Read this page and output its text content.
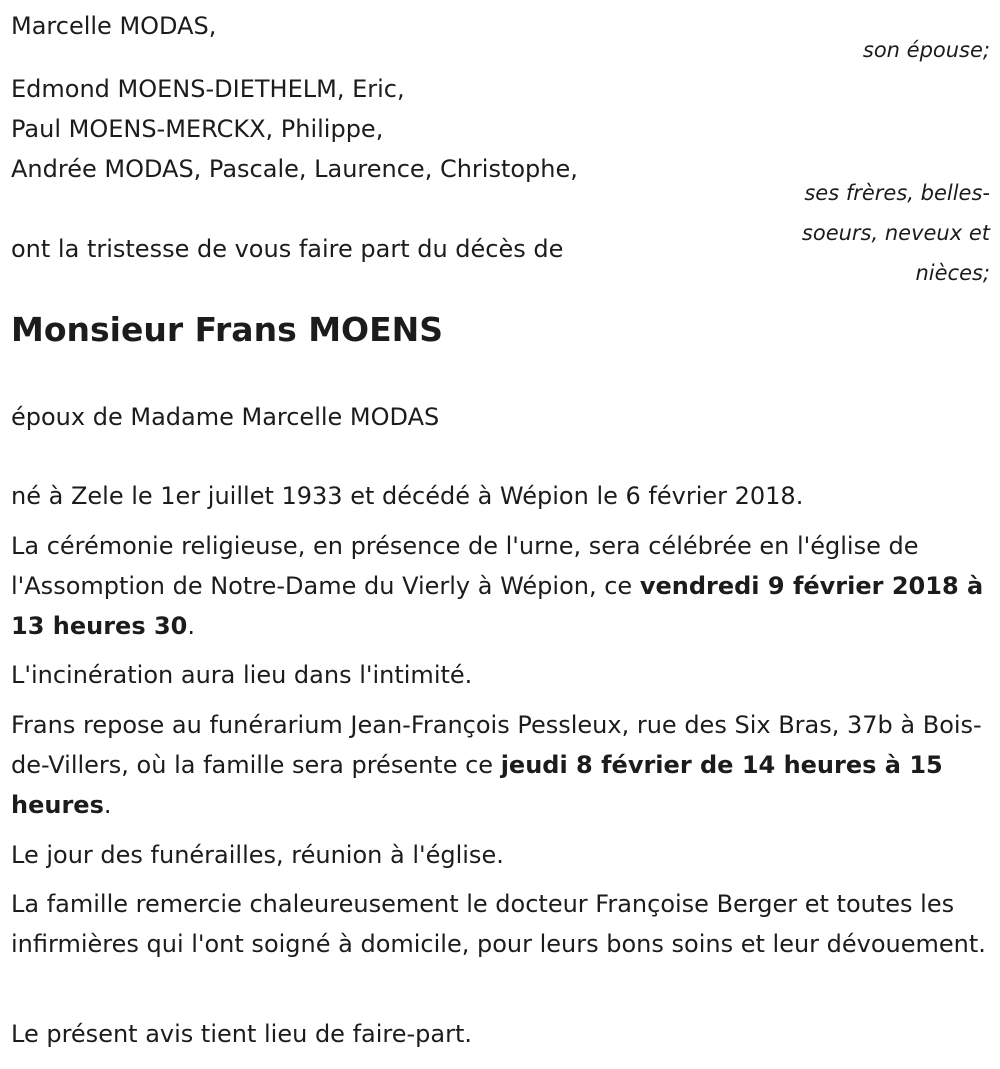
Marcelle MODAS,
son épouse;
Edmond MOENS-DIETHELM, Eric,
Paul MOENS-MERCKX, Philippe,
Andrée MODAS, Pascale, Laurence, Christophe,
ses frères, belles-
soeurs, neveux et
nièces;
ont la tristesse de vous faire part du décès de
Monsieur Frans MOENS
époux de Madame Marcelle MODAS
né à Zele le 1er juillet 1933 et décédé à Wépion le 6 février 2018.
La cérémonie religieuse, en présence de l'urne, sera célébrée en l'église de l'Assomption de Notre-Dame du Vierly à Wépion, ce vendredi 9 février 2018 à 13 heures 30.
L'incinération aura lieu dans l'intimité.
Frans repose au funérarium Jean-François Pessleux, rue des Six Bras, 37b à Bois-de-Villers, où la famille sera présente ce jeudi 8 février de 14 heures à 15 heures.
Le jour des funérailles, réunion à l'église.
La famille remercie chaleureusement le docteur Françoise Berger et toutes les infirmières qui l'ont soigné à domicile, pour leurs bons soins et leur dévouement.
Le présent avis tient lieu de faire-part.
